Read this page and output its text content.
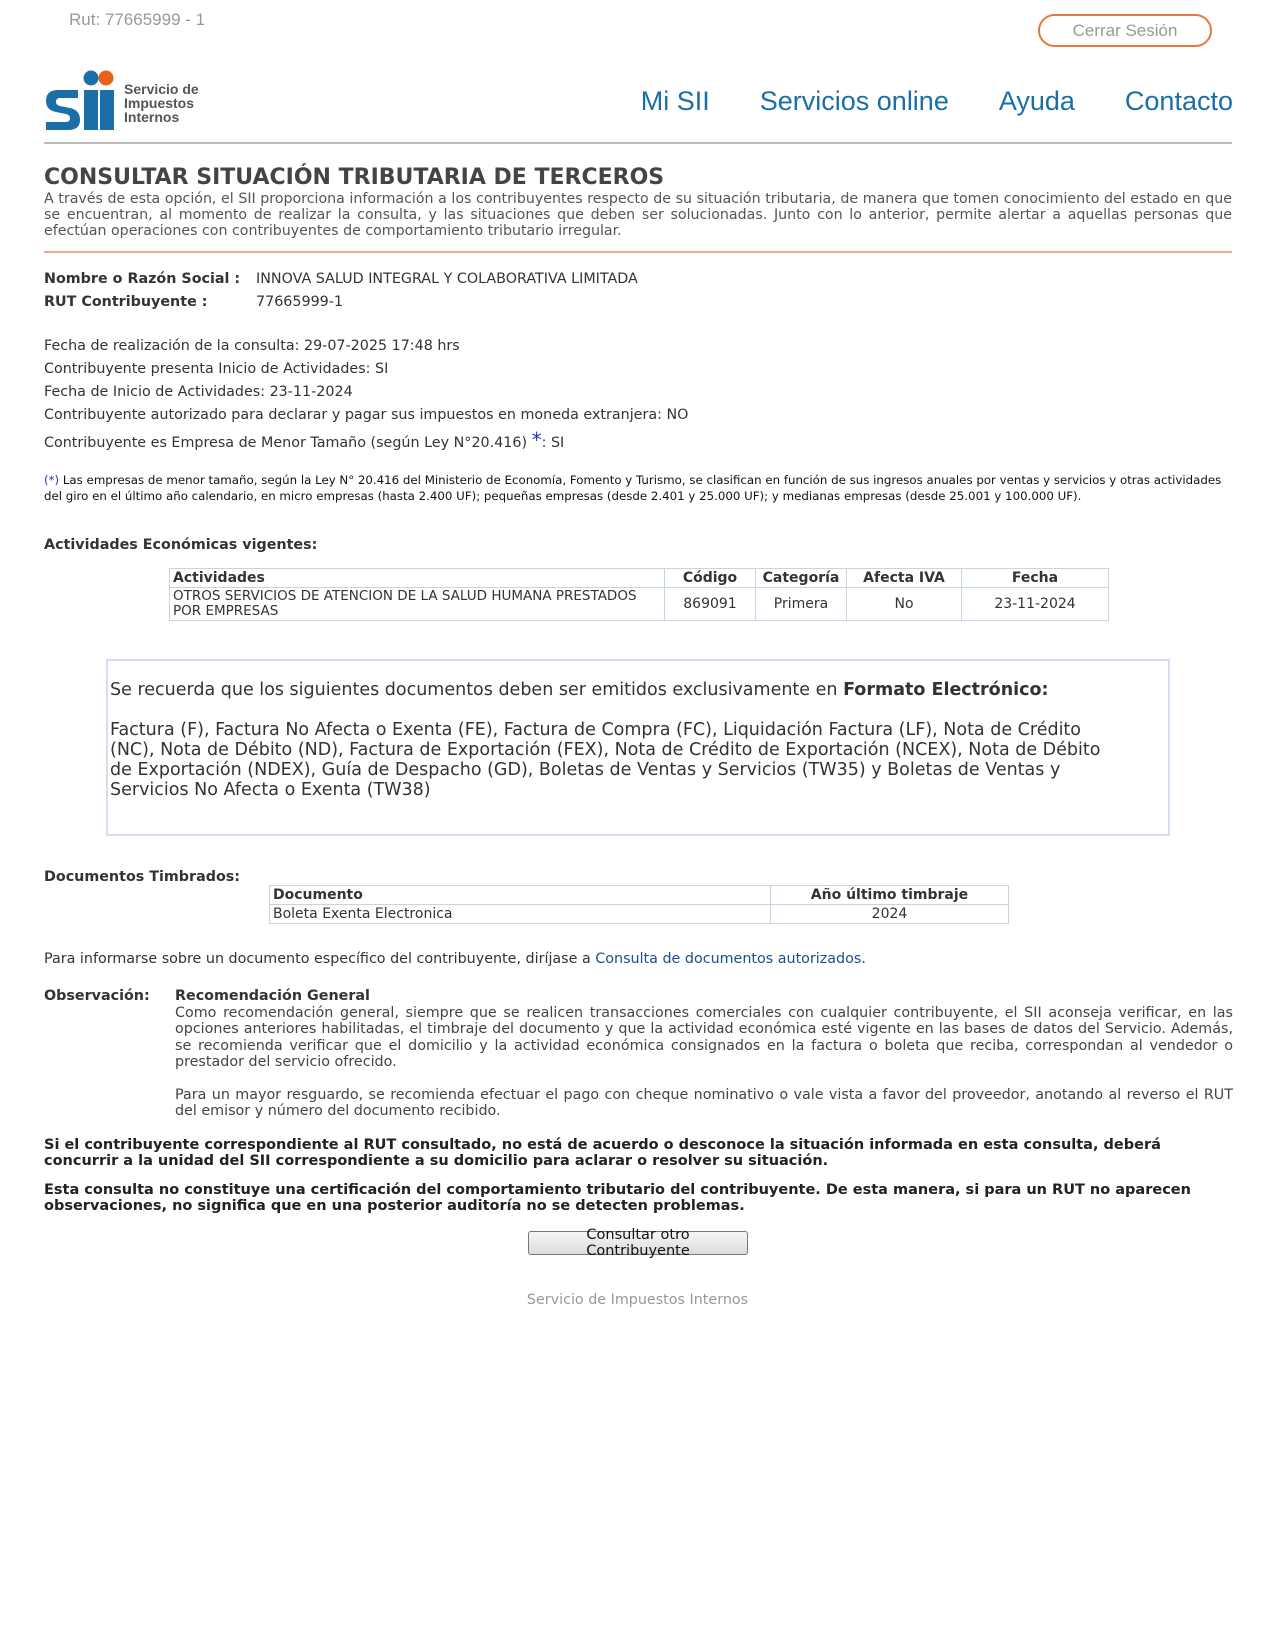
Rut: 77665999 - 1
Cerrar Sesión
Servicio de
Impuestos
Internos
Mi SII Servicios online Ayuda Contacto
CONSULTAR SITUACIÓN TRIBUTARIA DE TERCEROS
A través de esta opción, el SII proporciona información a los contribuyentes respecto de su situación tributaria, de manera que tomen conocimiento del estado en que se encuentran, al momento de realizar la consulta, y las situaciones que deben ser solucionadas. Junto con lo anterior, permite alertar a aquellas personas que efectúan operaciones con contribuyentes de comportamiento tributario irregular.
Nombre o Razón Social : INNOVA SALUD INTEGRAL Y COLABORATIVA LIMITADA
RUT Contribuyente :	77665999-1
Fecha de realización de la consulta: 29-07-2025 17:48 hrs
Contribuyente presenta Inicio de Actividades: SI
Fecha de Inicio de Actividades: 23-11-2024
Contribuyente autorizado para declarar y pagar sus impuestos en moneda extranjera: NO
Contribuyente es Empresa de Menor Tamaño (según Ley N°20.416) *: SI
(*) Las empresas de menor tamaño, según la Ley N° 20.416 del Ministerio de Economía, Fomento y Turismo, se clasifican en función de sus ingresos anuales por ventas y servicios y otras actividades del giro en el último año calendario, en micro empresas (hasta 2.400 UF); pequeñas empresas (desde 2.401 y 25.000 UF); y medianas empresas (desde 25.001 y 100.000 UF).
Actividades Económicas vigentes:
Actividades	Código	Categoría	Afecta IVA	Fecha
OTROS SERVICIOS DE ATENCION DE LA SALUD HUMANA PRESTADOS POR EMPRESAS	869091	Primera	No	23-11-2024

Se recuerda que los siguientes documentos deben ser emitidos exclusivamente en Formato Electrónico:

Factura (F), Factura No Afecta o Exenta (FE), Factura de Compra (FC), Liquidación Factura (LF), Nota de Crédito (NC), Nota de Débito (ND), Factura de Exportación (FEX), Nota de Crédito de Exportación (NCEX), Nota de Débito de Exportación (NDEX), Guía de Despacho (GD), Boletas de Ventas y Servicios (TW35) y Boletas de Ventas y Servicios No Afecta o Exenta (TW38)

Documentos Timbrados:
Documento	Año último timbraje
Boleta Exenta Electronica	2024
Para informarse sobre un documento específico del contribuyente, diríjase a Consulta de documentos autorizados.
Observación: Recomendación General

Como recomendación general, siempre que se realicen transacciones comerciales con cualquier contribuyente, el SII aconseja verificar, en las opciones anteriores habilitadas, el timbraje del documento y que la actividad económica esté vigente en las bases de datos del Servicio. Además, se recomienda verificar que el domicilio y la actividad económica consignados en la factura o boleta que reciba, correspondan al vendedor o prestador del servicio ofrecido.

Para un mayor resguardo, se recomienda efectuar el pago con cheque nominativo o vale vista a favor del proveedor, anotando al reverso el RUT del emisor y número del documento recibido.

Si el contribuyente correspondiente al RUT consultado, no está de acuerdo o desconoce la situación informada en esta consulta, deberá concurrir a la unidad del SII correspondiente a su domicilio para aclarar o resolver su situación.
Esta consulta no constituye una certificación del comportamiento tributario del contribuyente. De esta manera, si para un RUT no aparecen observaciones, no significa que en una posterior auditoría no se detecten problemas.
Consultar otro Contribuyente
Servicio de Impuestos Internos
